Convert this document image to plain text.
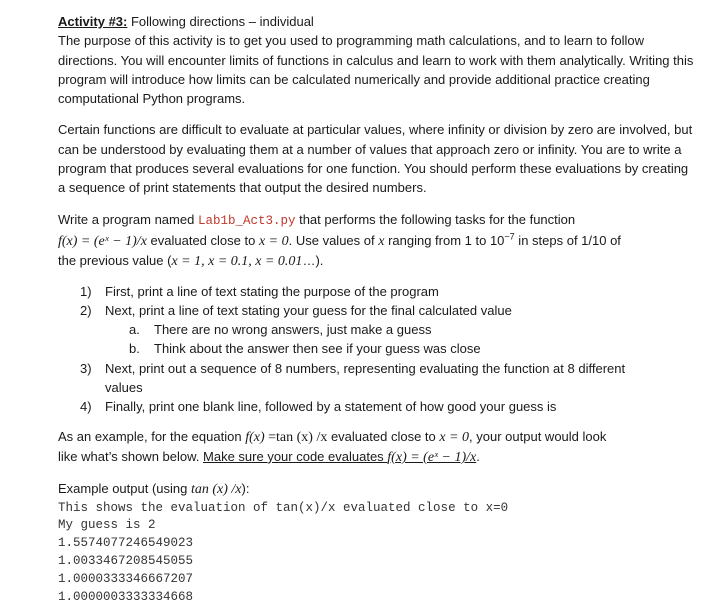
Activity #3: Following directions – individual

The purpose of this activity is to get you used to programming math calculations, and to learn to follow directions. You will encounter limits of functions in calculus and learn to work with them analytically. Writing this program will introduce how limits can be calculated numerically and provide additional practice creating computational Python programs.

Certain functions are difficult to evaluate at particular values, where infinity or division by zero are involved, but can be understood by evaluating them at a number of values that approach zero or infinity. You are to write a program that produces several evaluations for one function. You should perform these evaluations by creating a sequence of print statements that output the desired numbers.

Write a program named Lab1b_Act3.py that performs the following tasks for the function
f(x) = (eˣ − 1)/x evaluated close to x = 0. Use values of x ranging from 1 to $10^{-7}$ in steps of 1/10 of
the previous value (x = 1, x = 0.1, x = 0.01…).

1) First, print a line of text stating the purpose of the program
2) Next, print a line of text stating your guess for the final calculated value
a. There are no wrong answers, just make a guess
b. Think about the answer then see if your guess was close
3) Next, print out a sequence of 8 numbers, representing evaluating the function at 8 different
values
4) Finally, print one blank line, followed by a statement of how good your guess is

As an example, for the equation f(x) =tan (x) /x evaluated close to x = 0, your output would look
like what’s shown below. Make sure your code evaluates f(x) = (eˣ − 1)/x.

Example output (using tan (x) /x):

This shows the evaluation of tan(x)/x evaluated close to x=0
My guess is 2
1.5574077246549023
1.0033467208545055
1.0000333346667207
1.0000003333334668
